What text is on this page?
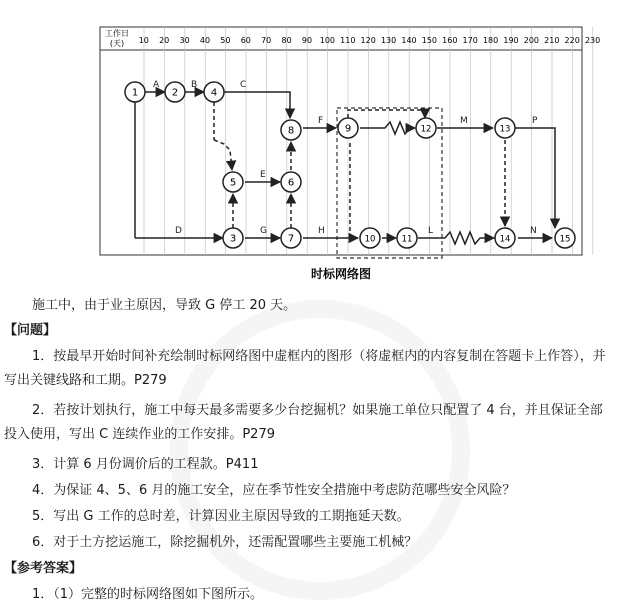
工作日
(天) 10 20 30 40 50 60 70 80 90 100 110 120 130 140 150 160 170 180 190 200 210 220 230
A	B	C
D
E
G
F
H	L
M	P
N
1	2	4
5
3
8
6
7
9
10	11
12	13
14	15
时标网络图
施工中，由于业主原因，导致 G 停工 20 天。
【问题】
1．按最早开始时间补充绘制时标网络图中虚框内的图形（将虚框内的内容复制在答题卡上作答），并
写出关键线路和工期。P279
2．若按计划执行，施工中每天最多需要多少台挖掘机？如果施工单位只配置了 4 台，并且保证全部
投入使用，写出 C 连续作业的工作安排。P279
3．计算 6 月份调价后的工程款。P411
4．为保证 4、5、6 月的施工安全，应在季节性安全措施中考虑防范哪些安全风险？
5．写出 G 工作的总时差，计算因业主原因导致的工期拖延天数。
6．对于土方挖运施工，除挖掘机外，还需配置哪些主要施工机械？
【参考答案】
1．（1）完整的时标网络图如下图所示。
